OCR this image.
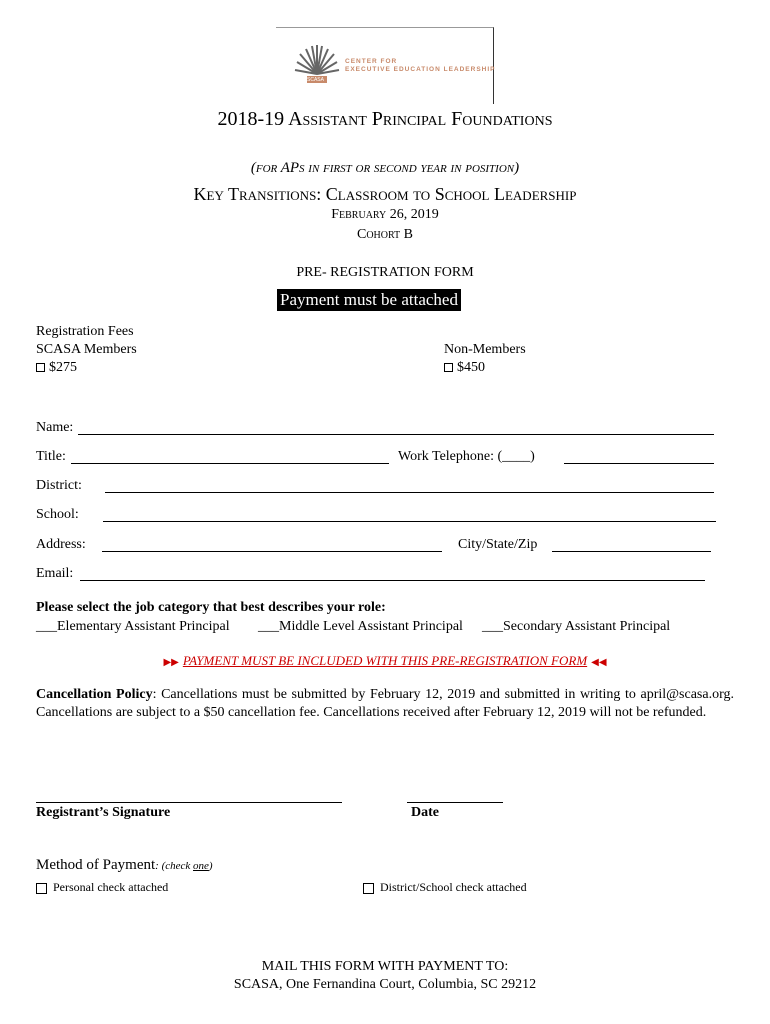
SCASA
CENTER FOR
EXECUTIVE EDUCATION LEADERSHIP
2018-19 Assistant Principal Foundations
(for APs in first or second year in position)
Key Transitions: Classroom to School Leadership
February 26, 2019
Cohort B
PRE- REGISTRATION FORM
Payment must be attached
Registration Fees
SCASA Members
$275
Non-Members
$450
Name:
Title:	Work Telephone: (____)
District:
School:
Address:	City/State/Zip
Email:
Please select the job category that best describes your role:
___Elementary Assistant Principal ___Middle Level Assistant Principal ___Secondary Assistant Principal
▶▶ PAYMENT MUST BE INCLUDED WITH THIS PRE-REGISTRATION FORM ◀◀
Cancellation Policy: Cancellations must be submitted by February 12, 2019 and submitted in writing to april@scasa.org. Cancellations are subject to a $50 cancellation fee. Cancellations received after February 12, 2019 will not be refunded.
Registrant’s Signature	Date
Method of Payment: (check one)
Personal check attached	District/School check attached
MAIL THIS FORM WITH PAYMENT TO:
SCASA, One Fernandina Court, Columbia, SC 29212
